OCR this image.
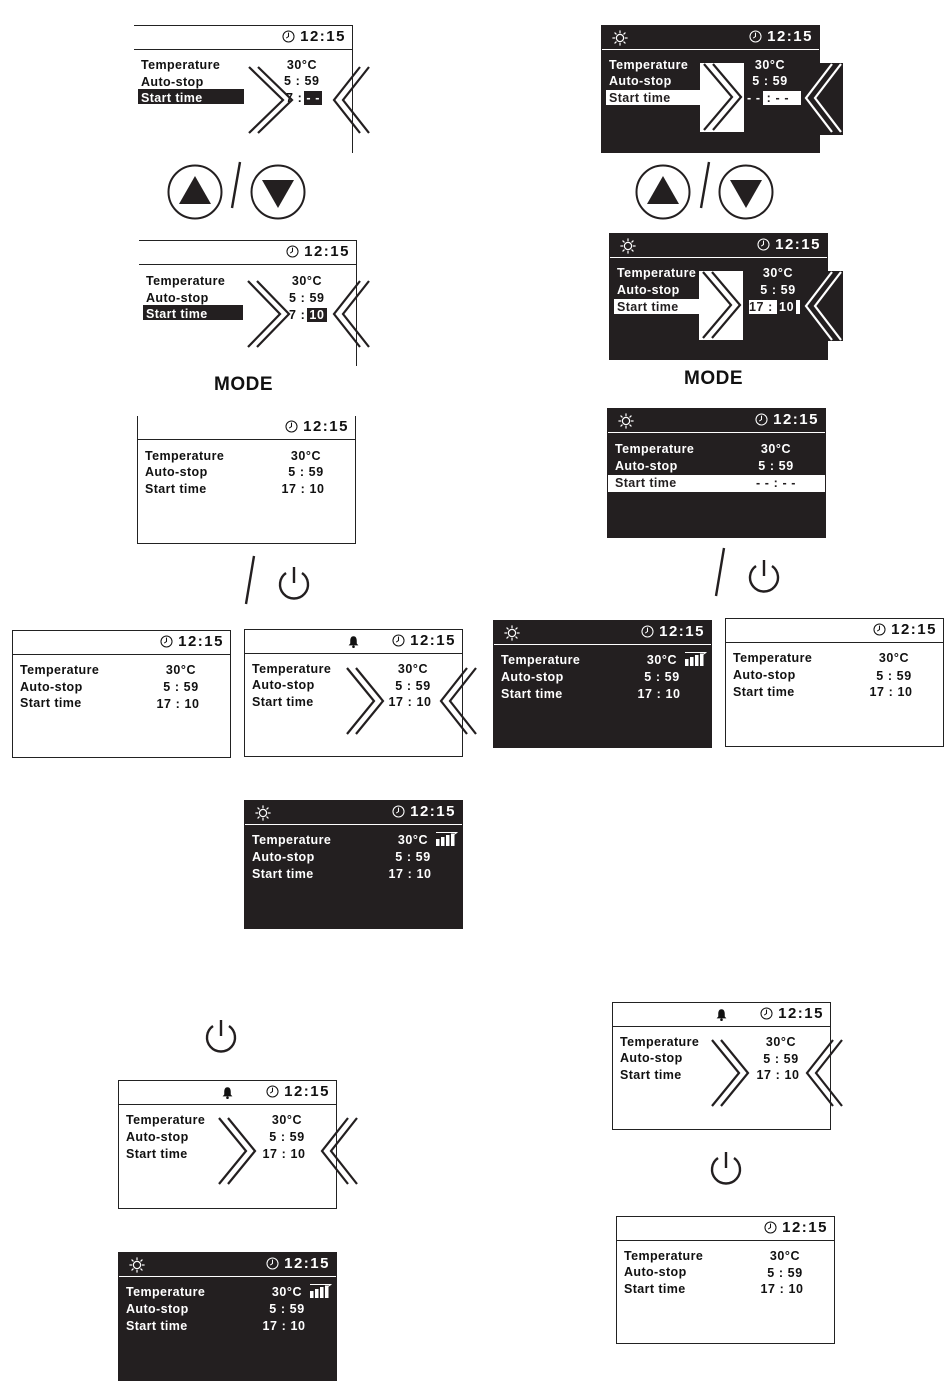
12:15
Temperature
Auto-stop
Start time
30°C
5 : 59
7 : - -
12:15
Temperature
Auto-stop
Start time
30°C
5 : 59
7 : 10
MODE
12:15
Temperature
Auto-stop
Start time
30°C
5 : 59
17 : 10
12:15
Temperature
Auto-stop
Start time
30°C
5 : 59
17 : 10
12:15
Temperature
Auto-stop
Start time
30°C
5 : 59
17 : 10
12:15
Temperature
Auto-stop
Start time
30°C
5 : 59
17 : 10
12:15
Temperature
Auto-stop
Start time
30°C
5 : 59
17 : 10
12:15
Temperature
Auto-stop
Start time
30°C
5 : 59
17 : 10
12:15
Temperature
Auto-stop
Start time
30°C
5 : 59
- - : - -
12:15
Temperature
Auto-stop
Start time
30°C
5 : 59
17 : 10
MODE
12:15
Temperature
Auto-stop
Start time
30°C
5 : 59
- - : - -
12:15
Temperature
Auto-stop
Start time
30°C
5 : 59
17 : 10
12:15
Temperature
Auto-stop
Start time
30°C
5 : 59
17 : 10
12:15
Temperature
Auto-stop
Start time
30°C
5 : 59
17 : 10
12:15
Temperature
Auto-stop
Start time
30°C
5 : 59
17 : 10
